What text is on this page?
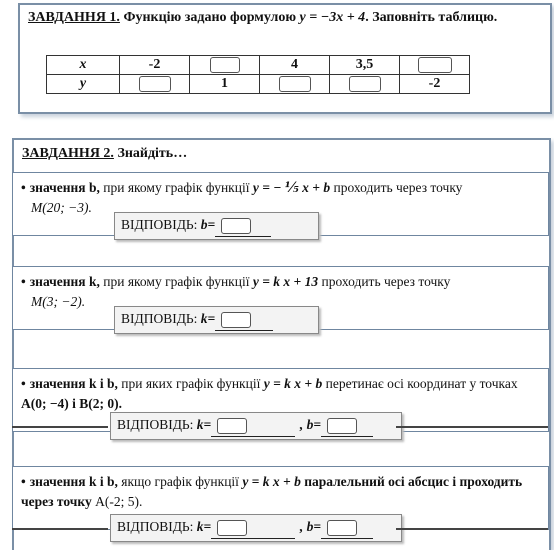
ЗАВДАННЯ 1. Функцію задано формулою y = −3x + 4. Заповніть таблицю.
x	-2		4	3,5	
y		1			-2
ЗАВДАННЯ 2. Знайдіть…
• значення b, при якому графік функції y = − ⅕ x + b проходить через точку
M(20; −3).
ВІДПОВІДЬ: b=
• значення k, при якому графік функції y = k x + 13 проходить через точку
M(3; −2).
ВІДПОВІДЬ: k=
• значення k і b, при яких графік функції y = k x + b перетинає осі координат у точках A(0; −4) і B(2; 0).
ВІДПОВІДЬ: k=	, b=
• значення k і b, якщо графік функції y = k x + b паралельний осі абсцис і проходить через точку A(-2; 5).
ВІДПОВІДЬ: k=	, b=
